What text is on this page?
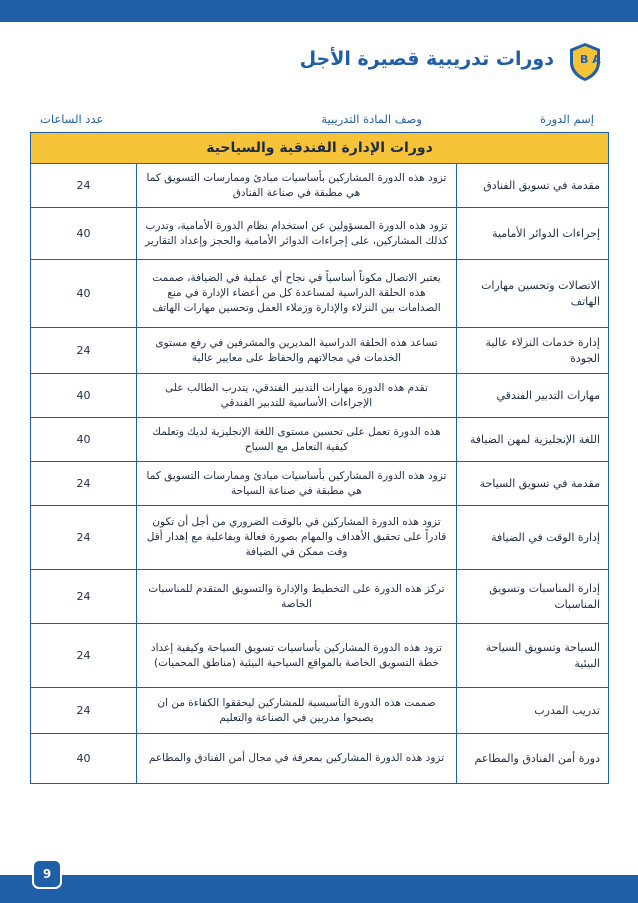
دورات تدريبية قصيرة الأجل B A
إسم الدورة
وصف المادة التدريبية
عدد الساعات
دورات الإدارة الفندقية والسياحية		
24	تزود هذه الدورة المشاركين بأساسيات مبادئ وممارسات التسويق كما هي مطبقة في صناعة الفنادق	مقدمة في تسويق الفنادق
40	تزود هذه الدورة المسؤولين عن استخدام نظام الدورة الأمامية، وتدرب كذلك المشاركين، على إجراءات الدوائر الأمامية والحجز وإعداد التقارير	إجراءات الدوائر الأمامية
40	يعتبر الاتصال مكوناً أساسياً في نجاح أي عملية في الضيافة، صممت هذه الحلقة الدراسية لمساعدة كل من أعضاء الإدارة في منع الصدامات بين النزلاء والإدارة وزملاء العمل وتحسين مهارات الهاتف	الاتصالات وتحسين مهارات الهاتف
24	تساعد هذه الحلقة الدراسية المديرين والمشرفين في رفع مستوى الخدمات في مجالاتهم والحفاظ على معايير عالية	إدارة خدمات النزلاء عالية الجودة
40	تقدم هذه الدورة مهارات التدبير الفندقي، يتدرب الطالب على الإجراءات الأساسية للتدبير الفندقي	مهارات التدبير الفندقي
40	هذه الدورة تعمل على تحسين مستوى اللغة الإنجليزية لديك وتعلمك كيفية التعامل مع السياح	اللغة الإنجليزية لمهن الضيافة
24	تزود هذه الدورة المشاركين بأساسيات مبادئ وممارسات التسويق كما هي مطبقة في صناعة السياحة	مقدمة في تسويق السياحة
24	تزود هذه الدورة المشاركين في بالوقت الضروري من أجل أن تكون قادراً على تحقيق الأهداف والمهام بصورة فعالة وبفاعلية مع إهدار أقل وقت ممكن في الضيافة	إدارة الوقت في الضيافة
24	تركز هذه الدورة على التخطيط والإدارة والتسويق المتقدم للمناسبات الخاصة	إدارة المناسبات وتسويق المناسبات
24	تزود هذه الدورة المشاركين بأساسيات تسويق السياحة وكيفية إعداد خطة التسويق الخاصة بالمواقع السياحية البيئية (مناطق المحميات)	السياحة وتسويق السياحة البيئية
24	صممت هذه الدورة التأسيسية للمشاركين ليحققوا الكفاءة من ان يصبحوا مدربين في الصناعة والتعليم	تدريب المدرب
40	تزود هذه الدورة المشاركين بمعرفة في مجال أمن الفنادق والمطاعم	دورة أمن الفنادق والمطاعم
9
